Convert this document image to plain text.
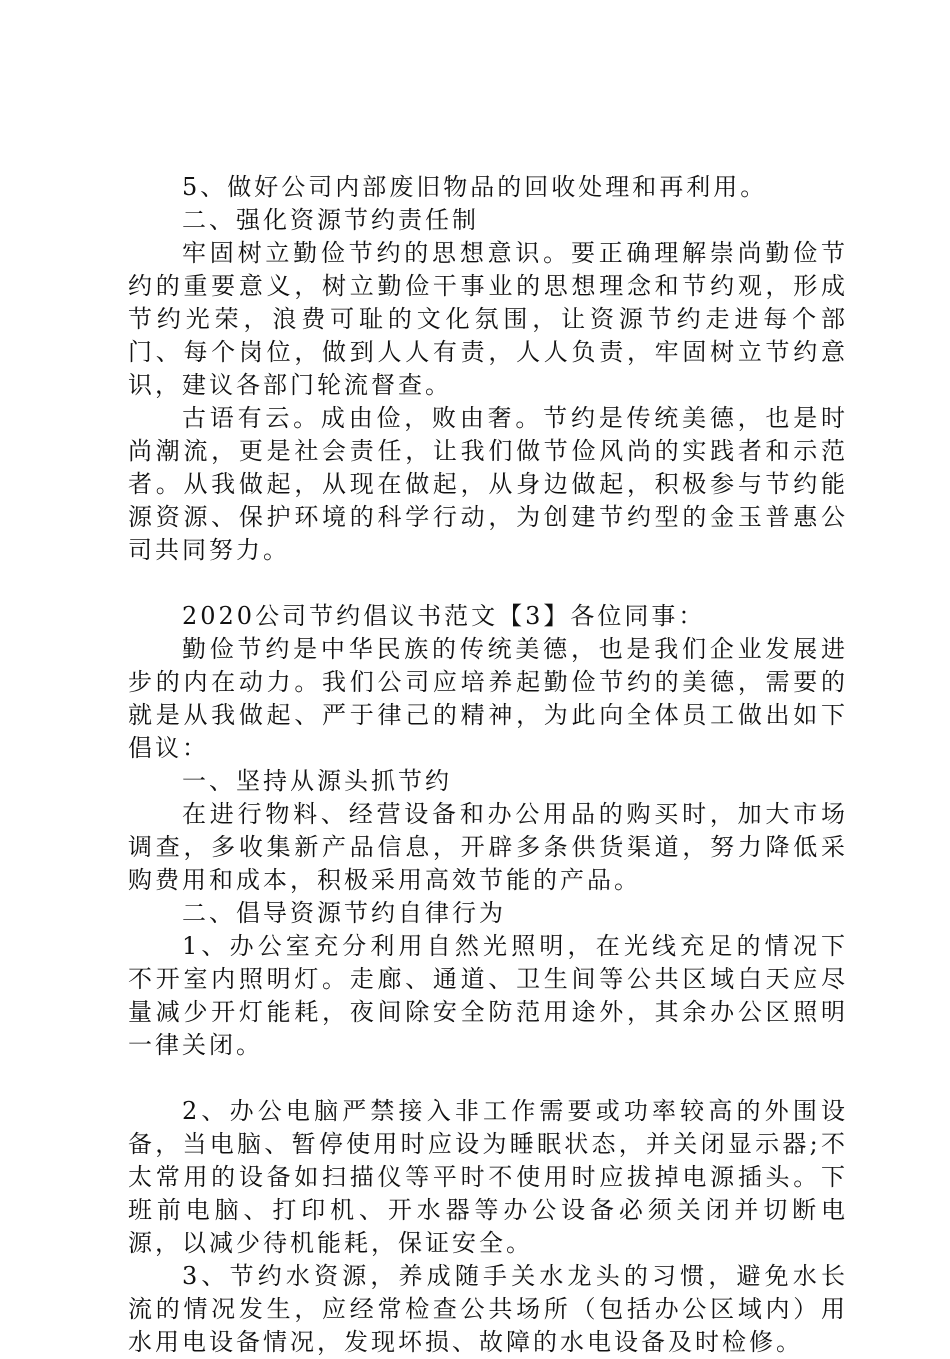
5、做好公司内部废旧物品的回收处理和再利用。

二、强化资源节约责任制

牢固树立勤俭节约的思想意识。要正确理解崇尚勤俭节约的重要意义，树立勤俭干事业的思想理念和节约观，形成节约光荣，浪费可耻的文化氛围，让资源节约走进每个部门、每个岗位，做到人人有责，人人负责，牢固树立节约意识，建议各部门轮流督查。

古语有云。成由俭，败由奢。节约是传统美德，也是时尚潮流，更是社会责任，让我们做节俭风尚的实践者和示范者。从我做起，从现在做起，从身边做起，积极参与节约能源资源、保护环境的科学行动，为创建节约型的金玉普惠公司共同努力。

2020公司节约倡议书范文【3】各位同事：

勤俭节约是中华民族的传统美德，也是我们企业发展进步的内在动力。我们公司应培养起勤俭节约的美德，需要的就是从我做起、严于律己的精神，为此向全体员工做出如下倡议：

一、坚持从源头抓节约

在进行物料、经营设备和办公用品的购买时，加大市场调查，多收集新产品信息，开辟多条供货渠道，努力降低采购费用和成本，积极采用高效节能的产品。

二、倡导资源节约自律行为

1、办公室充分利用自然光照明，在光线充足的情况下不开室内照明灯。走廊、通道、卫生间等公共区域白天应尽量减少开灯能耗，夜间除安全防范用途外，其余办公区照明一律关闭。

2、办公电脑严禁接入非工作需要或功率较高的外围设备，当电脑、暂停使用时应设为睡眠状态，并关闭显示器;不太常用的设备如扫描仪等平时不使用时应拔掉电源插头。下班前电脑、打印机、开水器等办公设备必须关闭并切断电源，以减少待机能耗，保证安全。

3、节约水资源，养成随手关水龙头的习惯，避免水长流的情况发生，应经常检查公共场所（包括办公区域内）用水用电设备情况，发现坏损、故障的水电设备及时检修。
